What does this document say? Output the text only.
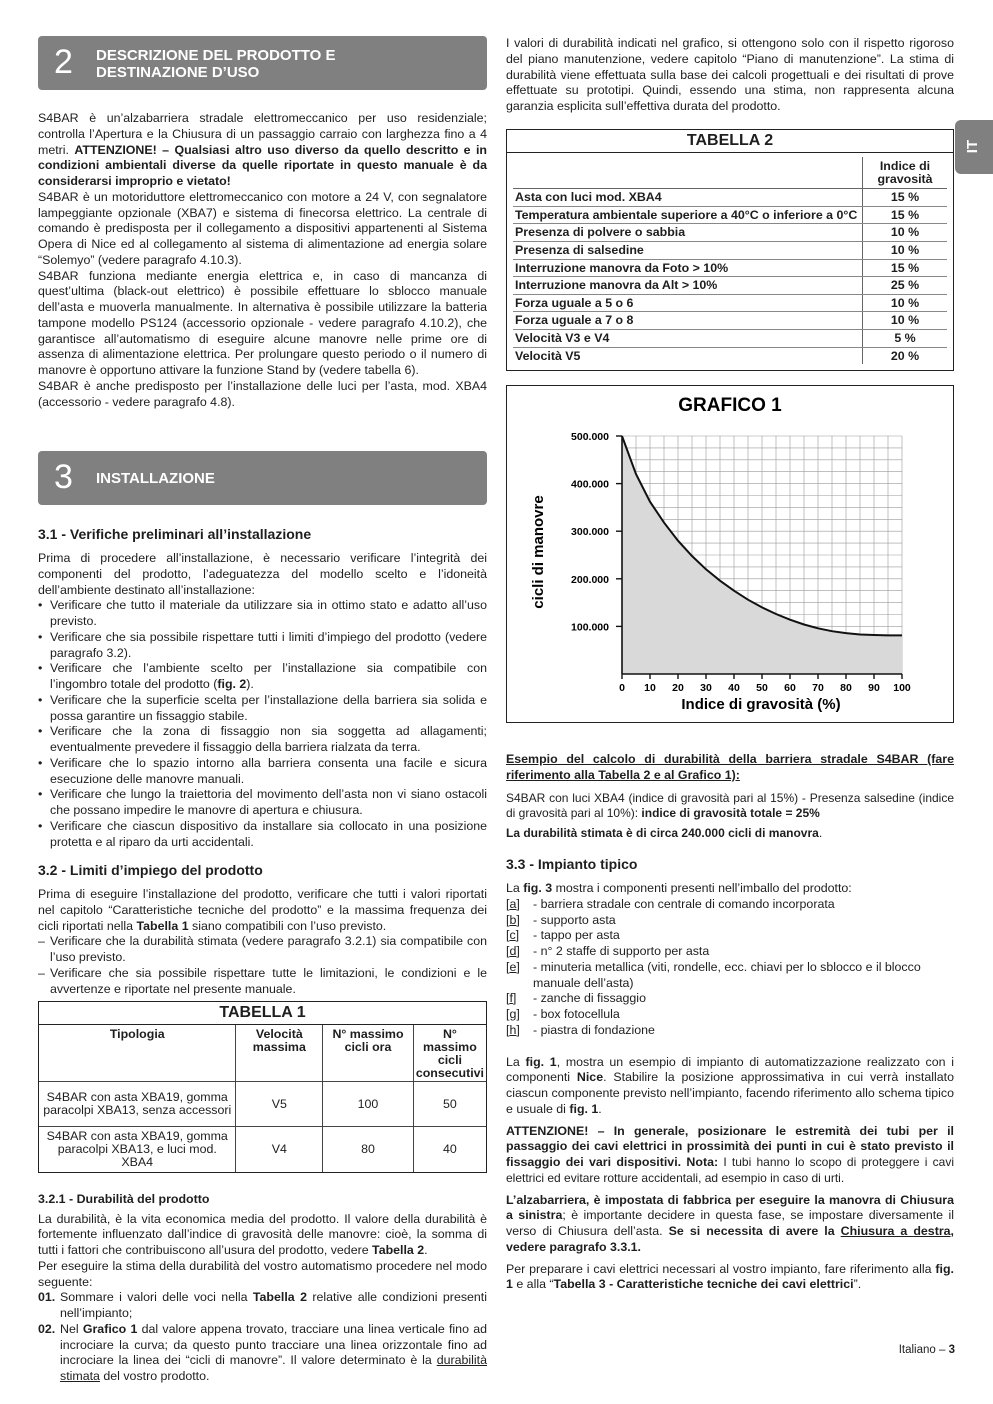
IT
2 DESCRIZIONE DEL PRODOTTO E
DESTINAZIONE D’USO

S4BAR è un’alzabarriera stradale elettromeccanico per uso residenziale; controlla l’Apertura e la Chiusura di un passaggio carraio con larghezza fino a 4 metri. ATTENZIONE! – Qualsiasi altro uso diverso da quello descritto e in condizioni ambientali diverse da quelle riportate in questo manuale è da considerarsi improprio e vietato!

S4BAR è un motoriduttore elettromeccanico con motore a 24 V, con segnalatore lampeggiante opzionale (XBA7) e sistema di finecorsa elettrico. La centrale di comando è predisposta per il collegamento a dispositivi appartenenti al Sistema Opera di Nice ed al collegamento al sistema di alimentazione ad energia solare “Solemyo” (vedere paragrafo 4.10.3).

S4BAR funziona mediante energia elettrica e, in caso di mancanza di quest’ultima (black-out elettrico) è possibile effettuare lo sblocco manuale dell’asta e muoverla manualmente. In alternativa è possibile utilizzare la batteria tampone modello PS124 (accessorio opzionale - vedere paragrafo 4.10.2), che garantisce all’automatismo di eseguire alcune manovre nelle prime ore di assenza di alimentazione elettrica. Per prolungare questo periodo o il numero di manovre è opportuno attivare la funzione Stand by (vedere tabella 6).

S4BAR è anche predisposto per l’installazione delle luci per l’asta, mod. XBA4 (accessorio - vedere paragrafo 4.8).

3 INSTALLAZIONE
3.1 - Verifiche preliminari all’installazione

Prima di procedere all’installazione, è necessario verificare l’integrità dei componenti del prodotto, l’adeguatezza del modello scelto e l’idoneità dell’ambiente destinato all’installazione:

• Verificare che tutto il materiale da utilizzare sia in ottimo stato e adatto all’uso previsto.
• Verificare che sia possibile rispettare tutti i limiti d’impiego del prodotto (vedere paragrafo 3.2).
• Verificare che l’ambiente scelto per l’installazione sia compatibile con l’ingombro totale del prodotto (fig. 2).
• Verificare che la superficie scelta per l’installazione della barriera sia solida e possa garantire un fissaggio stabile.
• Verificare che la zona di fissaggio non sia soggetta ad allagamenti; eventualmente prevedere il fissaggio della barriera rialzata da terra.
• Verificare che lo spazio intorno alla barriera consenta una facile e sicura esecuzione delle manovre manuali.
• Verificare che lungo la traiettoria del movimento dell’asta non vi siano ostacoli che possano impedire le manovre di apertura e chiusura.
• Verificare che ciascun dispositivo da installare sia collocato in una posizione protetta e al riparo da urti accidentali.
3.2 - Limiti d’impiego del prodotto

Prima di eseguire l’installazione del prodotto, verificare che tutti i valori riportati nel capitolo “Caratteristiche tecniche del prodotto” e la massima frequenza dei cicli riportati nella Tabella 1 siano compatibili con l’uso previsto.

– Verificare che la durabilità stimata (vedere paragrafo 3.2.1) sia compatibile con l’uso previsto.
– Verificare che sia possibile rispettare tutte le limitazioni, le condizioni e le avvertenze e riportate nel presente manuale.
TABELLA 1
Tipologia	Velocità massima	N° massimo cicli ora	N° massimo cicli consecutivi
S4BAR con asta XBA19, gomma paracolpi XBA13, senza accessori	V5	100	50
S4BAR con asta XBA19, gomma paracolpi XBA13, e luci mod. XBA4	V4	80	40
3.2.1 - Durabilità del prodotto

La durabilità, è la vita economica media del prodotto. Il valore della durabilità è fortemente influenzato dall’indice di gravosità delle manovre: cioè, la somma di tutti i fattori che contribuiscono all’usura del prodotto, vedere Tabella 2.

Per eseguire la stima della durabilità del vostro automatismo procedere nel modo seguente:

01. Sommare i valori delle voci nella Tabella 2 relative alle condizioni presenti nell’impianto;
02. Nel Grafico 1 dal valore appena trovato, tracciare una linea verticale fino ad incrociare la curva; da questo punto tracciare una linea orizzontale fino ad incrociare la linea dei “cicli di manovre”. Il valore determinato è la durabilità stimata del vostro prodotto.

I valori di durabilità indicati nel grafico, si ottengono solo con il rispetto rigoroso del piano manutenzione, vedere capitolo “Piano di manutenzione”. La stima di durabilità viene effettuata sulla base dei calcoli progettuali e dei risultati di prove effettuate su prototipi. Quindi, essendo una stima, non rappresenta alcuna garanzia esplicita sull’effettiva durata del prodotto.

TABELLA 2
	Indice di gravosità
Asta con luci mod. XBA4	15 %
Temperatura ambientale superiore a 40°C o inferiore a 0°C	15 %
Presenza di polvere o sabbia	10 %
Presenza di salsedine	10 %
Interruzione manovra da Foto > 10%	15 %
Interruzione manovra da Alt > 10%	25 %
Forza uguale a 5 o 6	10 %
Forza uguale a 7 o 8	10 %
Velocità V3 e V4	5 %
Velocità V5	20 %
GRAFICO 1
100.000
200.000
300.000
400.000
500.000
0 10 20 30 40 50 60 70 80 90 100
cicli di manovre
Indice di gravosità (%)

Esempio del calcolo di durabilità della barriera stradale S4BAR (fare riferimento alla Tabella 2 e al Grafico 1):

S4BAR con luci XBA4 (indice di gravosità pari al 15%) - Presenza salsedine (indice di gravosità pari al 10%): indice di gravosità totale = 25%

La durabilità stimata è di circa 240.000 cicli di manovra.

3.3 - Impianto tipico

La fig. 3 mostra i componenti presenti nell’imballo del prodotto:

[a] - barriera stradale con centrale di comando incorporata
[b] - supporto asta
[c] - tappo per asta
[d] - n° 2 staffe di supporto per asta
[e] - minuteria metallica (viti, rondelle, ecc. chiavi per lo sblocco e il blocco manuale dell’asta)
[f] - zanche di fissaggio
[g] - box fotocellula
[h] - piastra di fondazione

La fig. 1, mostra un esempio di impianto di automatizzazione realizzato con i componenti Nice. Stabilire la posizione approssimativa in cui verrà installato ciascun componente previsto nell’impianto, facendo riferimento allo schema tipico e usuale di fig. 1.

ATTENZIONE! – In generale, posizionare le estremità dei tubi per il passaggio dei cavi elettrici in prossimità dei punti in cui è stato previsto il fissaggio dei vari dispositivi. Nota: I tubi hanno lo scopo di proteggere i cavi elettrici ed evitare rotture accidentali, ad esempio in caso di urti.

L’alzabarriera, è impostata di fabbrica per eseguire la manovra di Chiusura a sinistra; è importante decidere in questa fase, se impostare diversamente il verso di Chiusura dell’asta. Se si necessita di avere la Chiusura a destra, vedere paragrafo 3.3.1.

Per preparare i cavi elettrici necessari al vostro impianto, fare riferimento alla fig. 1 e alla “Tabella 3 - Caratteristiche tecniche dei cavi elettrici”.

Italiano – 3
